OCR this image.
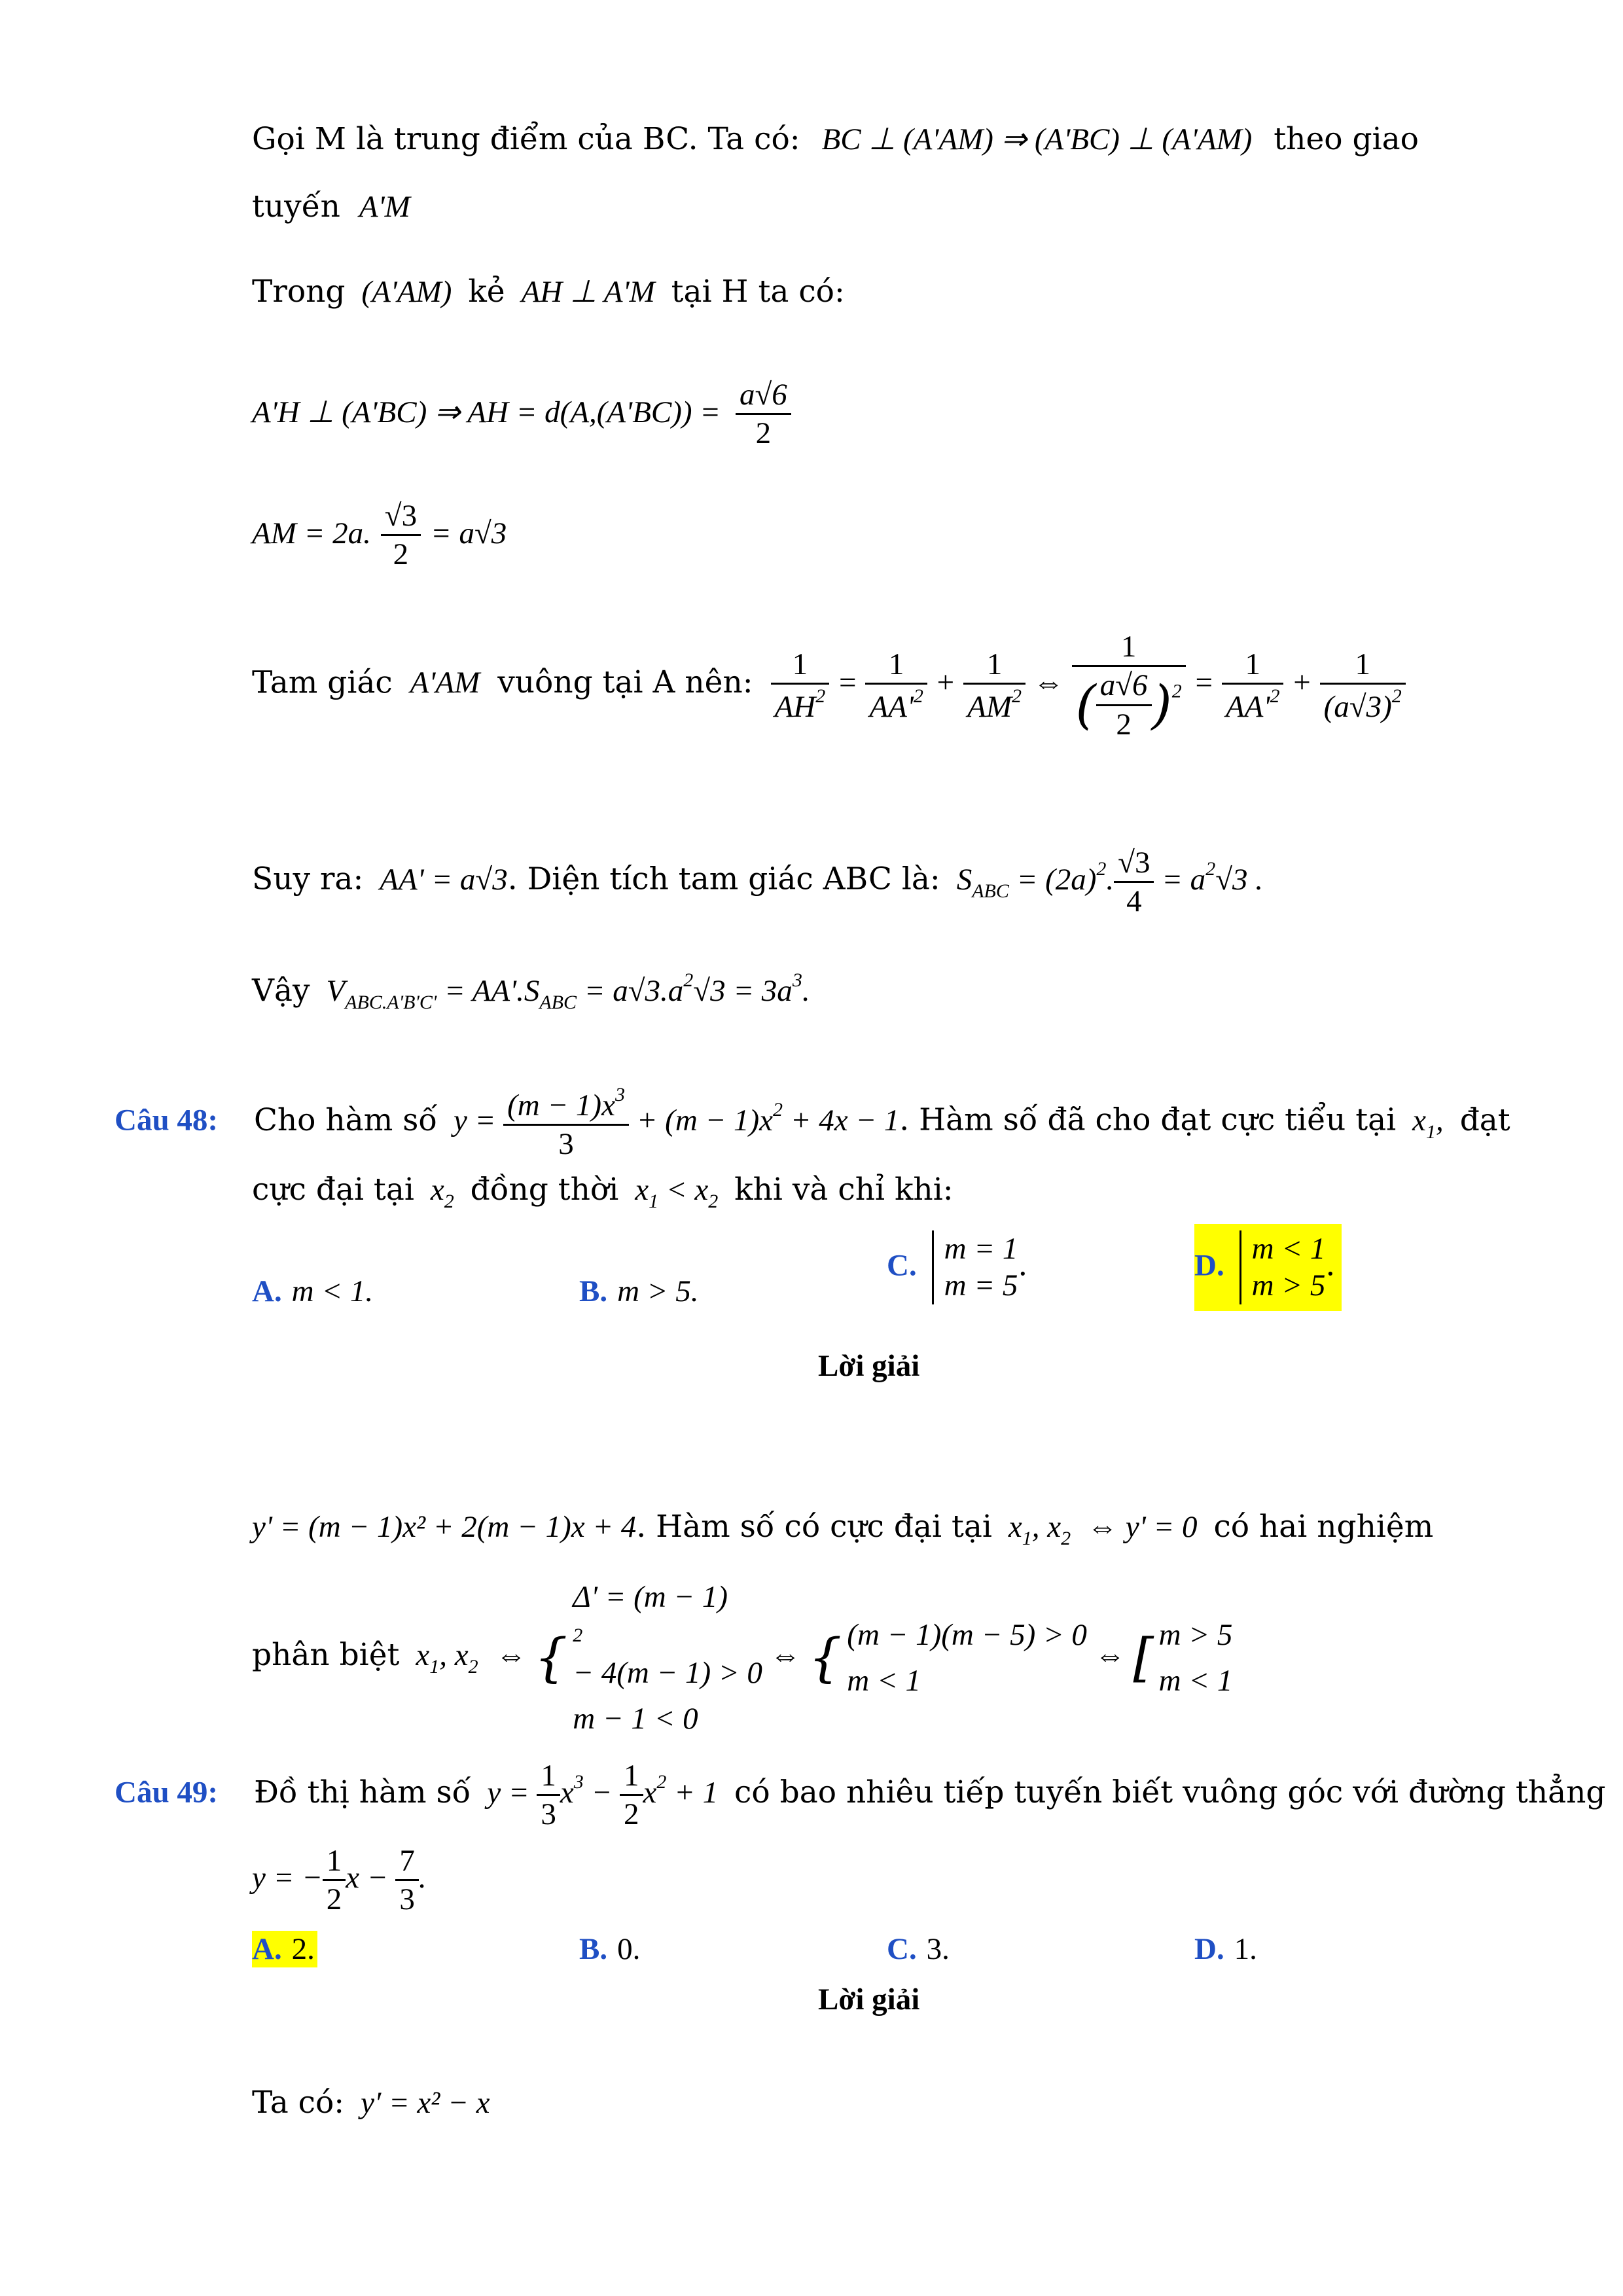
Gọi M là trung điểm của BC. Ta có: BC ⊥ (A'AM) ⇒ (A'BC) ⊥ (A'AM) theo giao
tuyến A'M
Trong (A'AM) kẻ AH ⊥ A'M tại H ta có:
A'H ⊥ (A'BC) ⇒ AH = $d(A,(A'BC)) = \frac{a√6}{2}$
AM = 2a. $\frac{√3}{2} = a√3$
Tam giác A'AM vuông tại A nên: $\frac{1}{AH^2} = \frac{1}{AA'^2} + \frac{1}{AM^2}$ ⇔ $\frac{1}{( \frac{a√6}{2} )^2} = \frac{1}{AA'^2} + \frac{1}{(a√3)^2}$
Suy ra: AA' = a√3. Diện tích tam giác ABC là: $S_{ABC} = (2a)^2$. $\frac{√3}{4} = a^2√3$ .
Vậy $V_{ABC.A'B'C'} = AA'.S_{ABC} = a√3.a^2√3 = 3a^3$.
Câu 48: Cho hàm số $y = \frac{(m - 1)x^3}{3} + (m - 1)x^2 + 4x - 1$. Hàm số đã cho đạt cực tiểu tại $x_1$, đạt
cực đại tại $x_2$ đồng thời $x_1 < x_2$ khi và chỉ khi:
A. m < 1.	B. m > 5.
C. m = 1
m = 5
.	D. m < 1
m > 5
.
Lời giải
y' = (m − 1)x² + 2(m − 1)x + 4. Hàm số có cực đại tại $x_1$, $x_2$ ⇔ y' = 0 có hai nghiệm
phân biệt $x_1$, $x_2$ ⇔ {
Δ' = (m − 1)
2
− 4(m − 1) > 0
m − 1 < 0
⇔ { (m − 1)(m − 5) > 0
m < 1
⇔ [ m > 5
m < 1
Câu 49: Đồ thị hàm số $y = \frac{1}{3} x^3 - \frac{1}{2} x^2 + 1$ có bao nhiêu tiếp tuyến biết vuông góc với đường thẳng
y = − $\frac{1}{2}$ $x - \frac{7}{3}$ .
A. 2.	B. 0.	C. 3.	D. 1.
Lời giải
Ta có: y′ = x² − x
